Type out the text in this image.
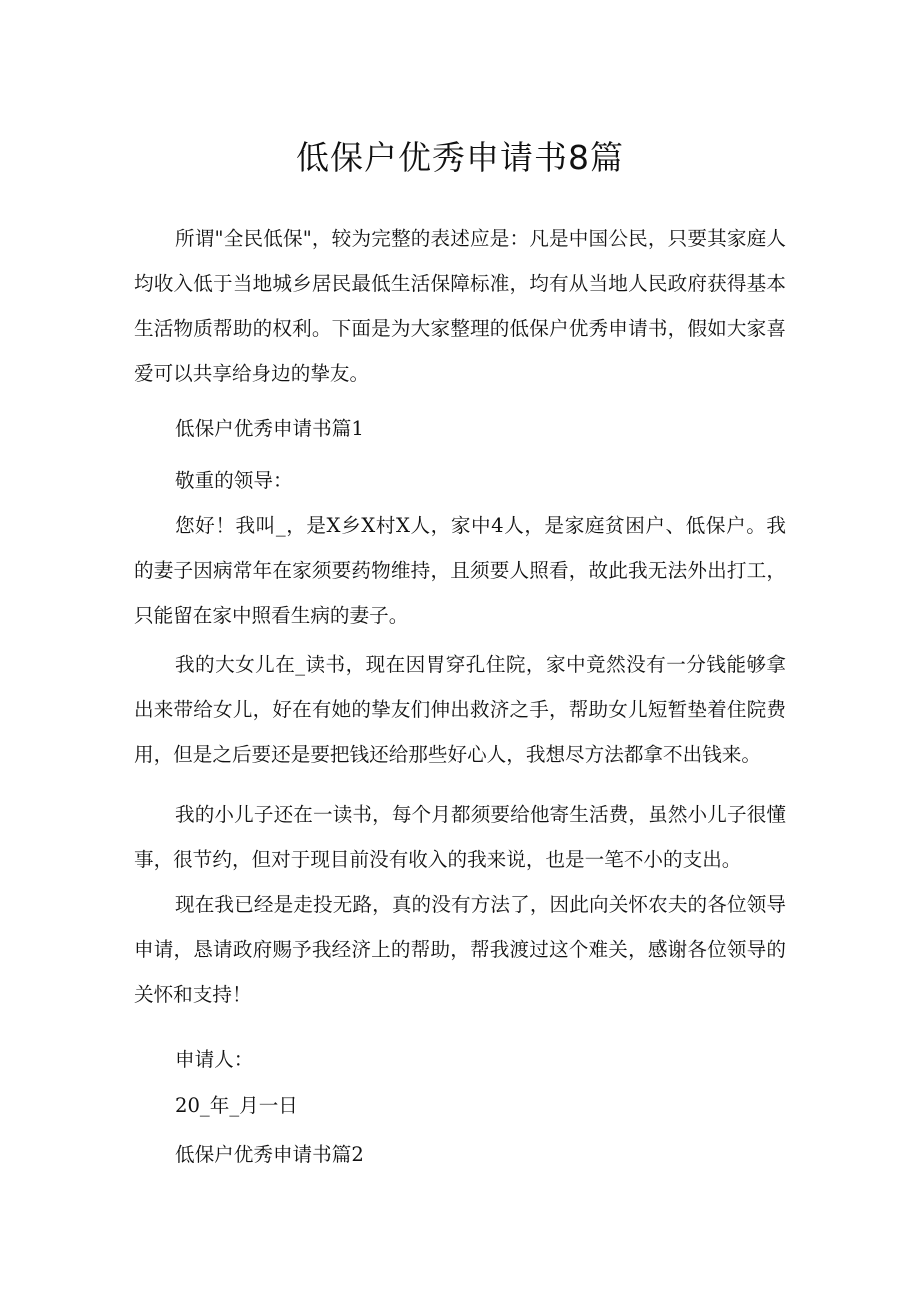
低保户优秀申请书8篇

所谓"全民低保"，较为完整的表述应是：凡是中国公民，只要其家庭人均收入低于当地城乡居民最低生活保障标准，均有从当地人民政府获得基本生活物质帮助的权利。下面是为大家整理的低保户优秀申请书，假如大家喜爱可以共享给身边的挚友。

低保户优秀申请书篇1

敬重的领导：

您好！我叫_，是X乡X村X人，家中4人，是家庭贫困户、低保户。我的妻子因病常年在家须要药物维持，且须要人照看，故此我无法外出打工，只能留在家中照看生病的妻子。

我的大女儿在_读书，现在因胃穿孔住院，家中竟然没有一分钱能够拿出来带给女儿，好在有她的挚友们伸出救济之手，帮助女儿短暂垫着住院费用，但是之后要还是要把钱还给那些好心人，我想尽方法都拿不出钱来。

我的小儿子还在一读书，每个月都须要给他寄生活费，虽然小儿子很懂事，很节约，但对于现目前没有收入的我来说，也是一笔不小的支出。

现在我已经是走投无路，真的没有方法了，因此向关怀农夫的各位领导申请，恳请政府赐予我经济上的帮助，帮我渡过这个难关，感谢各位领导的关怀和支持！

申请人：

20_年_月一日

低保户优秀申请书篇2
